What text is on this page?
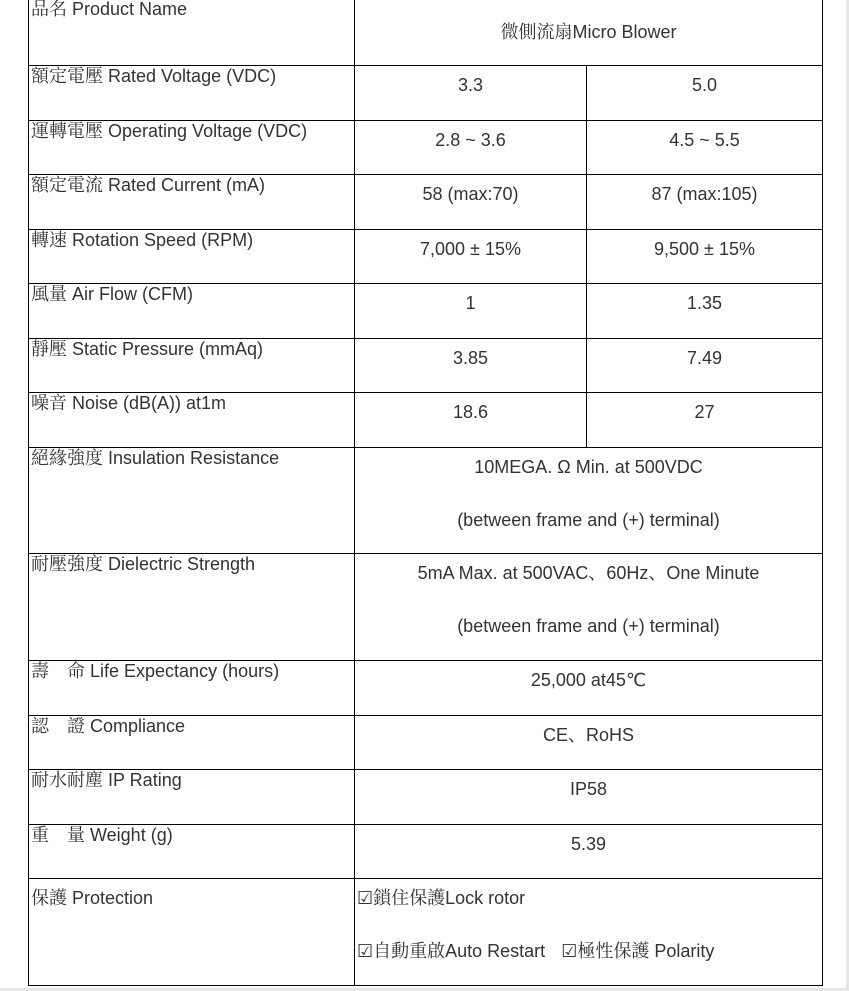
品名 Product Name	微側流扇Micro Blower	

額定電壓 Rated Voltage (VDC)	3.3	5.0

運轉電壓 Operating Voltage (VDC)	2.8 ~ 3.6	4.5 ~ 5.5

額定電流 Rated Current (mA)	58 (max:70)	87 (max:105)

轉速 Rotation Speed (RPM)	7,000 ± 15%	9,500 ± 15%

風量 Air Flow (CFM)	1	1.35

靜壓 Static Pressure (mmAq)	3.85	7.49

噪音 Noise (dB(A)) at1m	18.6	27

絕緣強度 Insulation Resistance	10MEGA. Ω Min. at 500VDC
(between frame and (+) terminal)	

耐壓強度 Dielectric Strength	5mA Max. at 500VAC、60Hz、One Minute
(between frame and (+) terminal)	

壽　命 Life Expectancy (hours)	25,000 at45℃	

認　證 Compliance	CE、RoHS	

耐水耐塵 IP Rating	IP58	

重　量 Weight (g)	5.39	

保護 Protection	☑鎖住保護Lock rotor
☑自動重啟Auto Restart ☑極性保護 Polarity	
